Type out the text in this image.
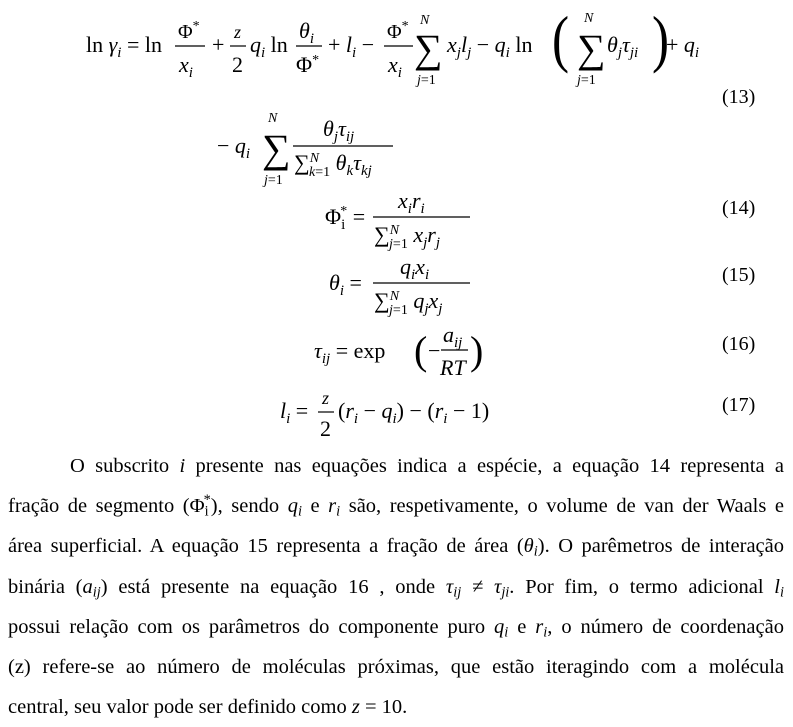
$\ln \gamma_i = \ln \Phi^*$
$x_i$
+ z
2
$q_i$ ln
$\theta_i$
Φ*
+ $l_i - \Phi^*$
$x_i$
N
∑
j=1
$x_jl_j - q_i$ ln ( N
∑
j=1
$\theta_j\tau_{ji}$ )
+ $q_i$
− $q_i$
N
∑
j=1
$\theta_j\tau_{ij}$
∑$^N$ k=1 $\theta_k\tau_{kj}$
(13)
$\Phi_i*$ =
$x_ir_i$
∑$^N$ j=1 $x_jr_j$
(14)
$\theta_i$ =
$q_ix_i$
∑$^N$ j=1 $q_jx_j$
(15)
$\tau_{ij} = \exp$ ( −
$a_{ij}$
RT )	(16)
$l_i = z$
2
$(r_i - q_i) - (r_i - 1)$	(17)
O subscrito i presente nas equações indica a espécie, a equação 14 representa a
fração de segmento $(\Phi_i^*)$, sendo $q_i$ e $r_i$ são, respetivamente, o volume de van der Waals e
área superficial. A equação 15 representa a fração de área $(\theta_i)$. O parêmetros de interação
binária $(a_{ij})$ está presente na equação 16 , onde $\tau_{ij} \ne \tau_{ji}$. Por fim, o termo adicional $l_i$
possui relação com os parâmetros do componente puro $q_i$ e $r_i$, o número de coordenação
(z) refere-se ao número de moléculas próximas, que estão iteragindo com a molécula
central, seu valor pode ser definido como z = 10.
